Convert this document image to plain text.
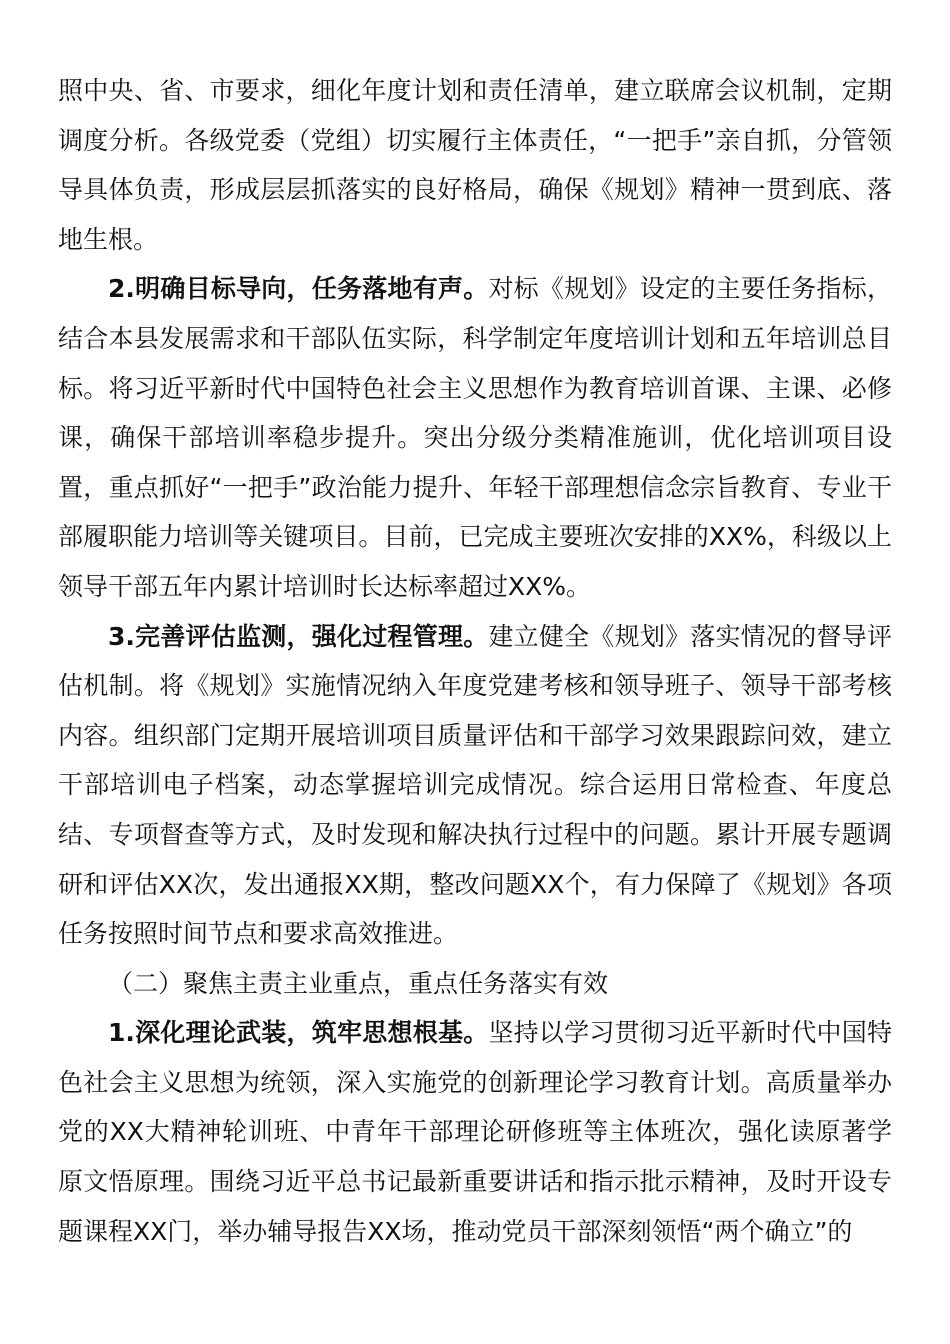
照中央、省、市要求，细化年度计划和责任清单，建立联席会议机制，定期调度分析。各级党委（党组）切实履行主体责任，“一把手”亲自抓，分管领导具体负责，形成层层抓落实的良好格局，确保《规划》精神一贯到底、落地生根。

2.明确目标导向，任务落地有声。对标《规划》设定的主要任务指标，结合本县发展需求和干部队伍实际，科学制定年度培训计划和五年培训总目标。将习近平新时代中国特色社会主义思想作为教育培训首课、主课、必修课，确保干部培训率稳步提升。突出分级分类精准施训，优化培训项目设置，重点抓好“一把手”政治能力提升、年轻干部理想信念宗旨教育、专业干部履职能力培训等关键项目。目前，已完成主要班次安排的XX%，科级以上领导干部五年内累计培训时长达标率超过XX%。

3.完善评估监测，强化过程管理。建立健全《规划》落实情况的督导评估机制。将《规划》实施情况纳入年度党建考核和领导班子、领导干部考核内容。组织部门定期开展培训项目质量评估和干部学习效果跟踪问效，建立干部培训电子档案，动态掌握培训完成情况。综合运用日常检查、年度总结、专项督查等方式，及时发现和解决执行过程中的问题。累计开展专题调研和评估XX次，发出通报XX期，整改问题XX个，有力保障了《规划》各项任务按照时间节点和要求高效推进。

（二）聚焦主责主业重点，重点任务落实有效

1.深化理论武装，筑牢思想根基。坚持以学习贯彻习近平新时代中国特色社会主义思想为统领，深入实施党的创新理论学习教育计划。高质量举办党的XX大精神轮训班、中青年干部理论研修班等主体班次，强化读原著学原文悟原理。围绕习近平总书记最新重要讲话和指示批示精神，及时开设专题课程XX门，举办辅导报告XX场，推动党员干部深刻领悟“两个确立”的
